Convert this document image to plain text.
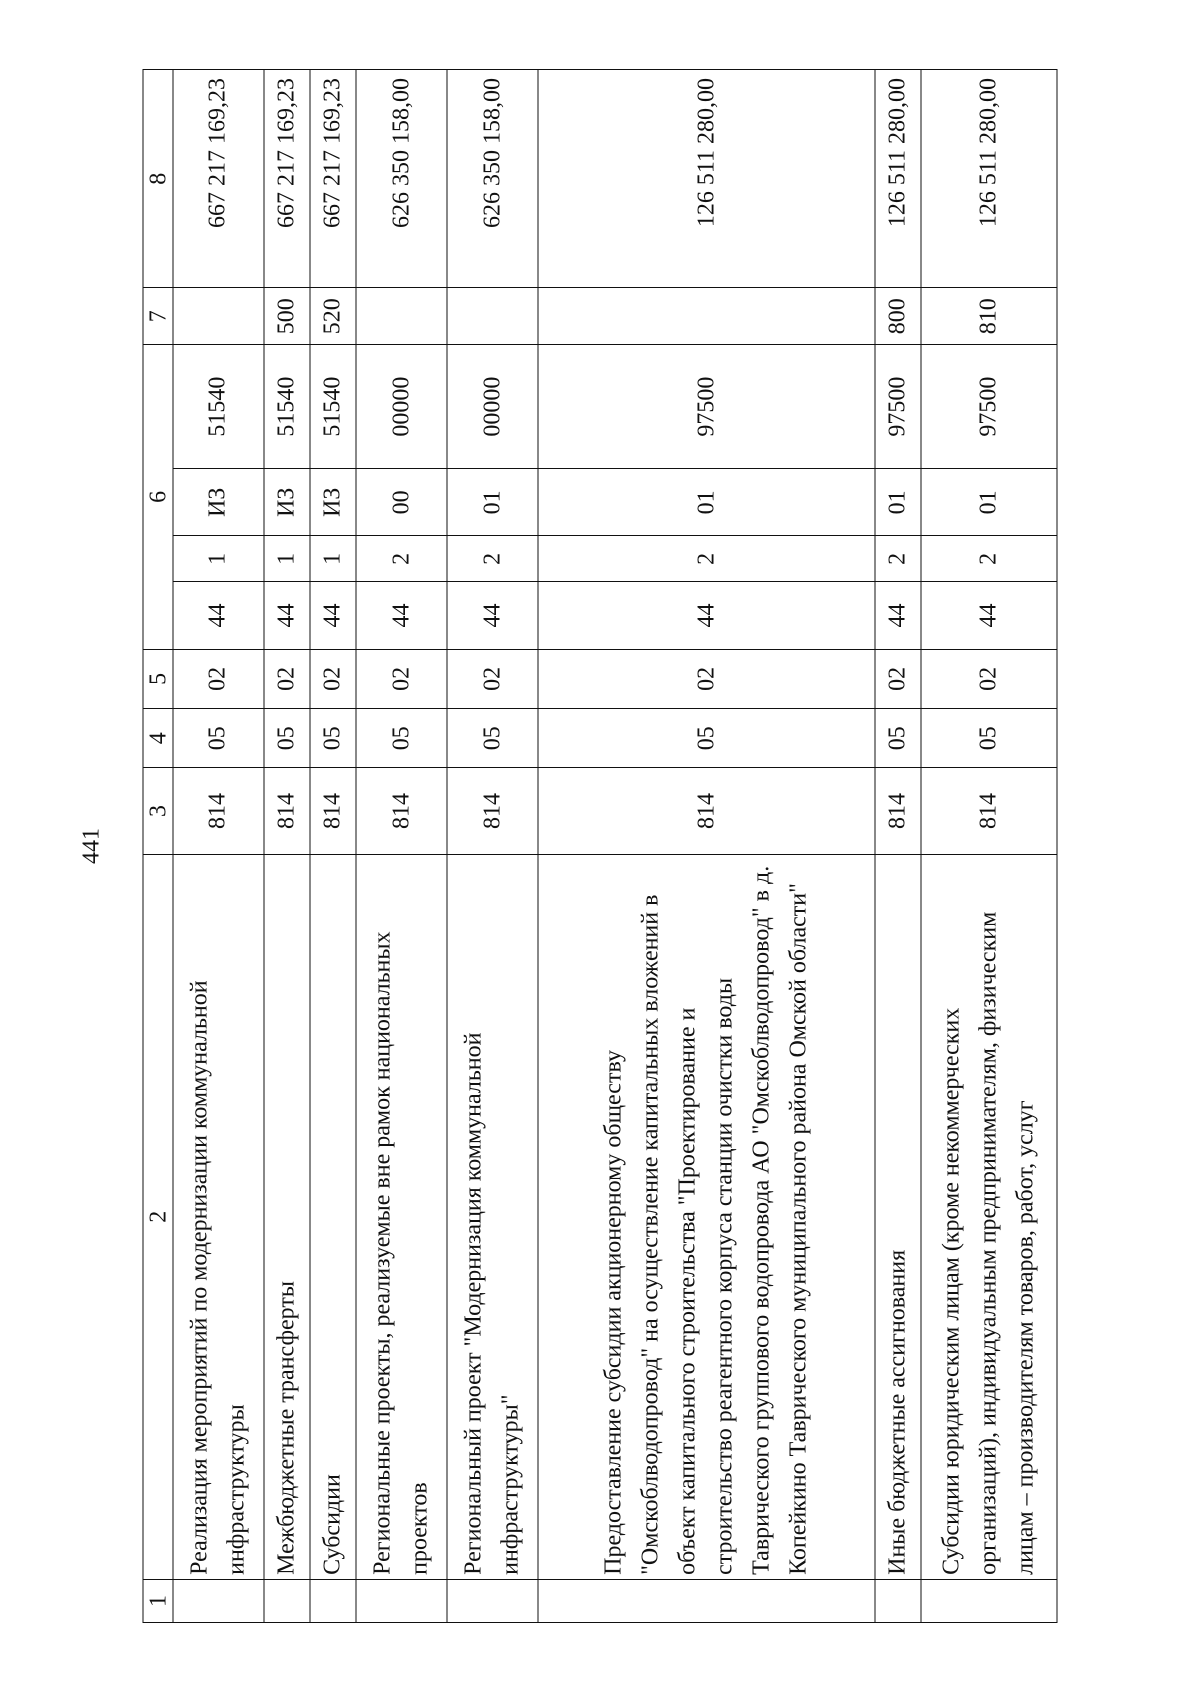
441
1	2	3	4	5	6				7	8
	Реализация мероприятий по модернизации коммунальной инфраструктуры	814	05	02	44	1	ИЗ	51540		667 217 169,23
	Межбюджетные трансферты	814	05	02	44	1	ИЗ	51540	500	667 217 169,23
	Субсидии	814	05	02	44	1	ИЗ	51540	520	667 217 169,23
	Региональные проекты, реализуемые вне рамок национальных проектов	814	05	02	44	2	00	00000		626 350 158,00
	Региональный проект "Модернизация коммунальной инфраструктуры"	814	05	02	44	2	01	00000		626 350 158,00
	Предоставление субсидии акционерному обществу "Омскоблводопровод" на осуществление капитальных вложений в объект капитального строительства "Проектирование и строительство реагентного корпуса станции очистки воды Таврического группового водопровода АО "Омскоблводопровод" в д. Копейкино Таврического муниципального района Омской области"	814	05	02	44	2	01	97500		126 511 280,00
	Иные бюджетные ассигнования	814	05	02	44	2	01	97500	800	126 511 280,00
	Субсидии юридическим лицам (кроме некоммерческих организаций), индивидуальным предпринимателям, физическим лицам – производителям товаров, работ, услуг	814	05	02	44	2	01	97500	810	126 511 280,00
